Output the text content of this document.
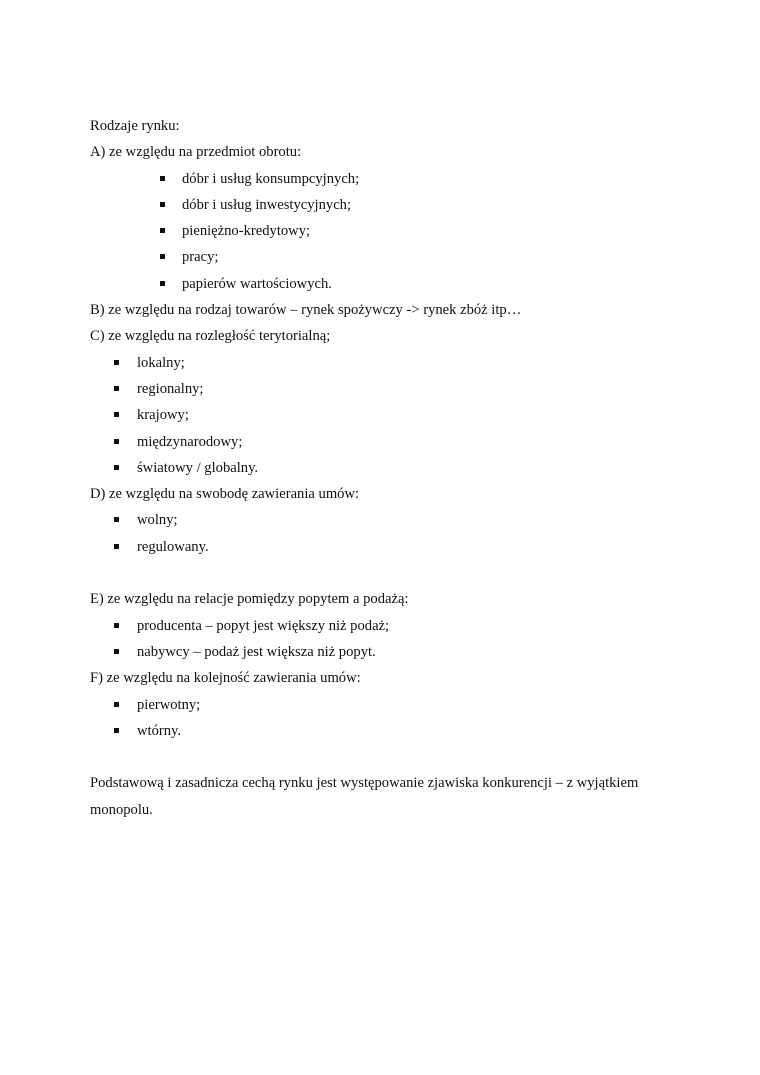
Rodzaje rynku:
A) ze względu na przedmiot obrotu:
dóbr i usług konsumpcyjnych;
dóbr i usług inwestycyjnych;
pieniężno-kredytowy;
pracy;
papierów wartościowych.
B) ze względu na rodzaj towarów – rynek spożywczy -> rynek zbóż itp…
C) ze względu na rozległość terytorialną;
lokalny;
regionalny;
krajowy;
międzynarodowy;
światowy / globalny.
D) ze względu na swobodę zawierania umów:
wolny;
regulowany.
E) ze względu na relacje pomiędzy popytem a podażą:
producenta – popyt jest większy niż podaż;
nabywcy – podaż jest większa niż popyt.
F) ze względu na kolejność zawierania umów:
pierwotny;
wtórny.
Podstawową i zasadnicza cechą rynku jest występowanie zjawiska konkurencji – z wyjątkiem monopolu.
